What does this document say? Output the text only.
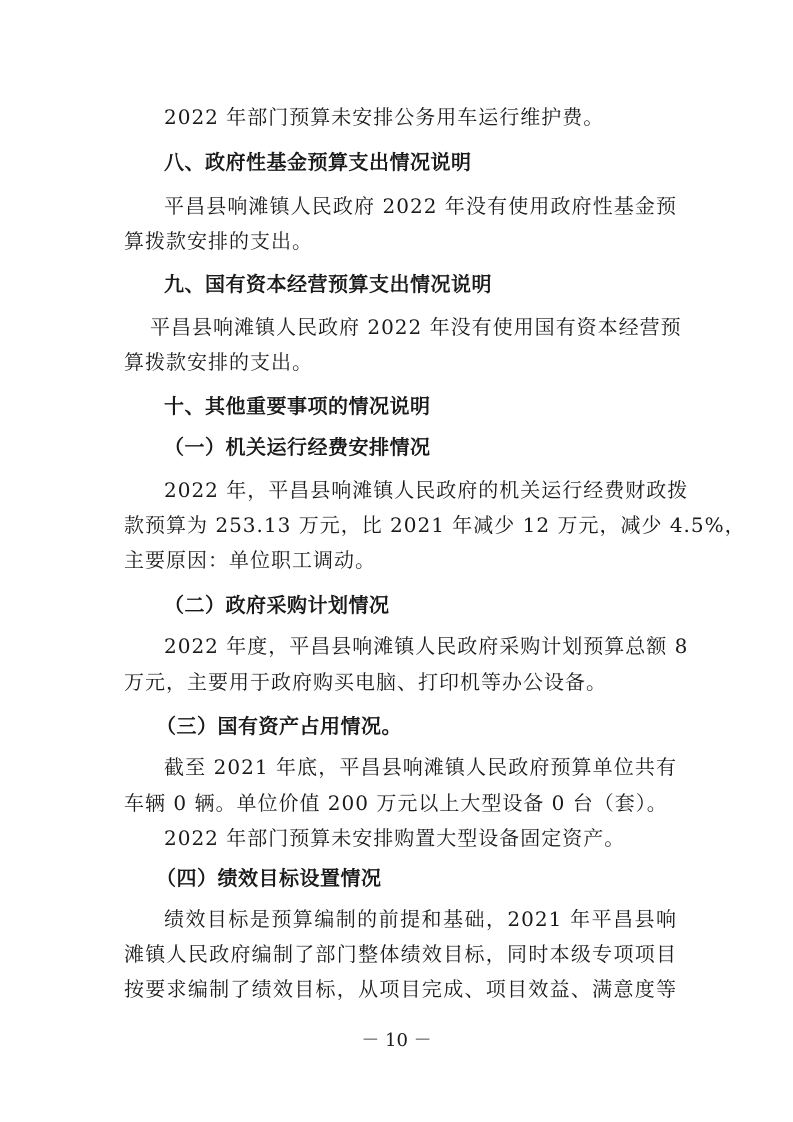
2022 年部门预算未安排公务用车运行维护费。
八、政府性基金预算支出情况说明
平昌县响滩镇人民政府 2022 年没有使用政府性基金预
算拨款安排的支出。
九、国有资本经营预算支出情况说明
平昌县响滩镇人民政府 2022 年没有使用国有资本经营预
算拨款安排的支出。
十、其他重要事项的情况说明
（一）机关运行经费安排情况
2022 年，平昌县响滩镇人民政府的机关运行经费财政拨
款预算为 253.13 万元，比 2021 年减少 12 万元，减少 4.5%，
主要原因：单位职工调动。
（二）政府采购计划情况
2022 年度，平昌县响滩镇人民政府采购计划预算总额 8
万元，主要用于政府购买电脑、打印机等办公设备。
（三）国有资产占用情况。
截至 2021 年底，平昌县响滩镇人民政府预算单位共有
车辆 0 辆。单位价值 200 万元以上大型设备 0 台（套）。
2022 年部门预算未安排购置大型设备固定资产。
（四）绩效目标设置情况
绩效目标是预算编制的前提和基础，2021 年平昌县响
滩镇人民政府编制了部门整体绩效目标，同时本级专项项目
按要求编制了绩效目标，从项目完成、项目效益、满意度等
－ 10 －
